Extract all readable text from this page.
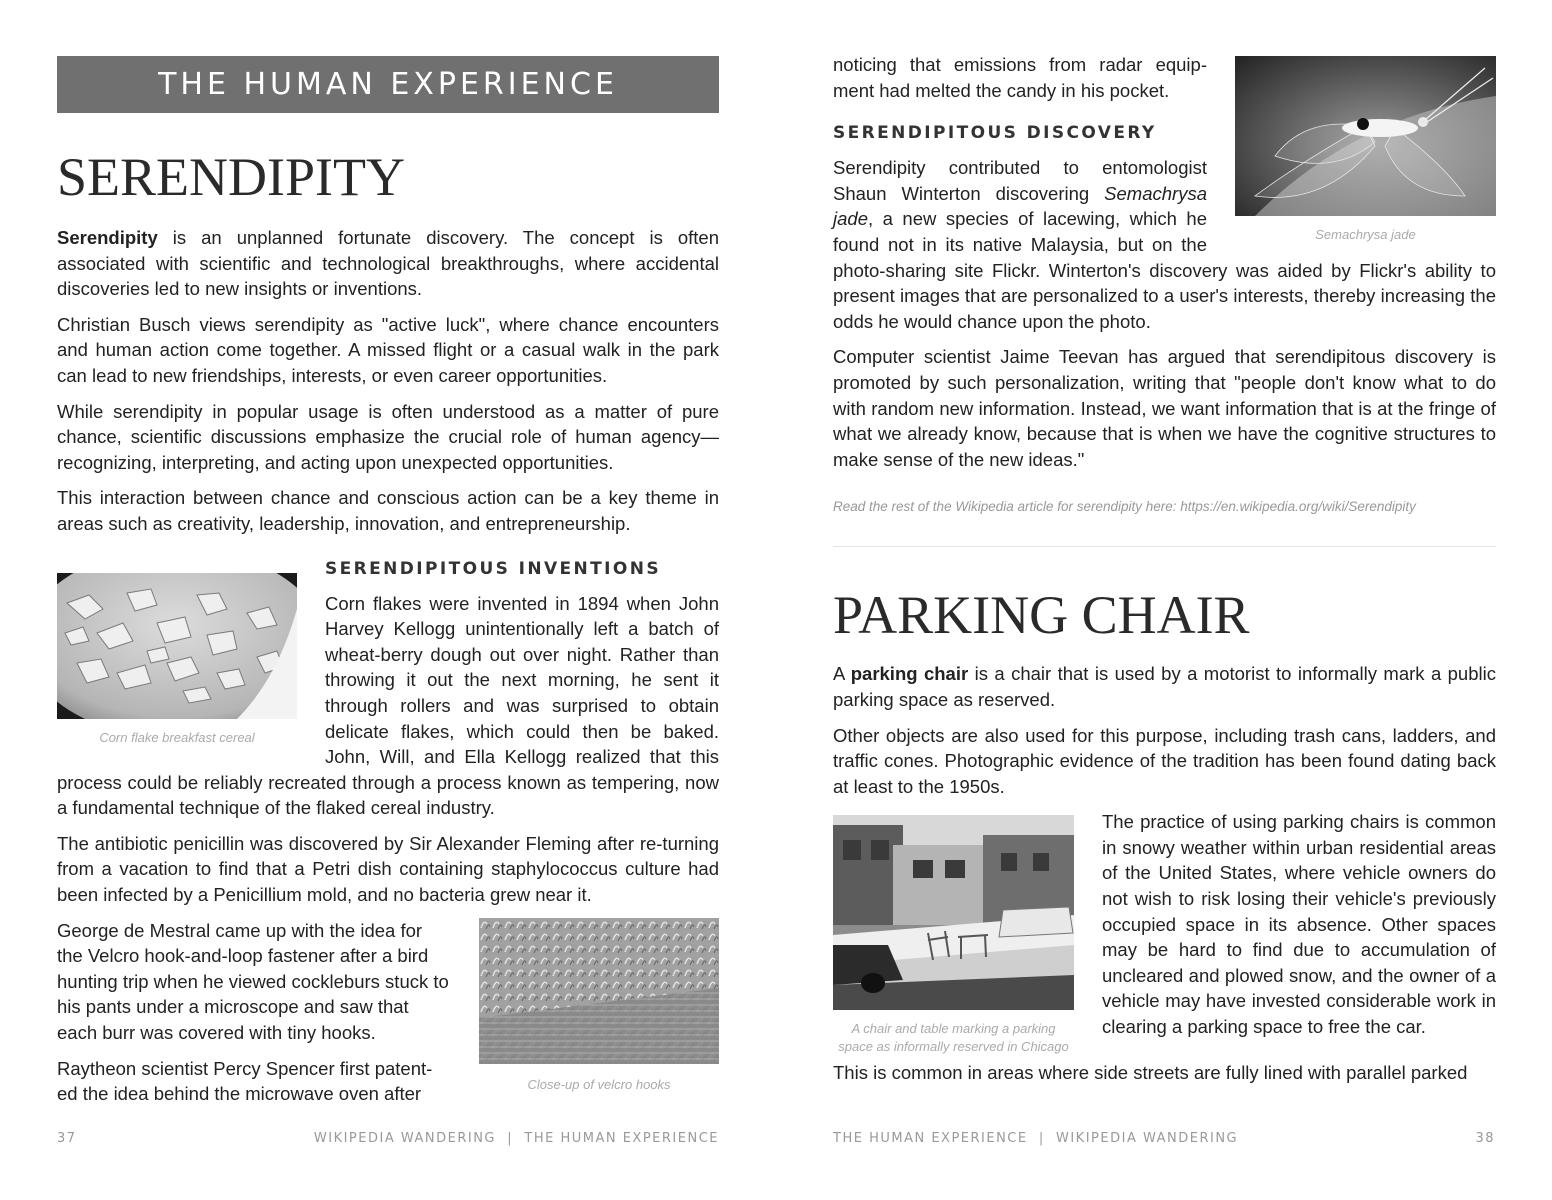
THE HUMAN EXPERIENCE
SERENDIPITY

Serendipity is an unplanned fortunate discovery. The concept is often associated with scientific and technological breakthroughs, where accidental discoveries led to new insights or inventions.

Christian Busch views serendipity as "active luck", where chance encounters and human action come together. A missed flight or a casual walk in the park can lead to new friendships, interests, or even career opportunities.

While serendipity in popular usage is often understood as a matter of pure chance, scientific discussions emphasize the crucial role of human agency—recognizing, interpreting, and acting upon unexpected opportunities.

This interaction between chance and conscious action can be a key theme in areas such as creativity, leadership, innovation, and entrepreneurship.

Corn flake breakfast cereal
SERENDIPITOUS INVENTIONS

Corn flakes were invented in 1894 when John Harvey Kellogg unintentionally left a batch of wheat-berry dough out over night. Rather than throwing it out the next morning, he sent it through rollers and was surprised to obtain delicate flakes, which could then be baked. John, Will, and Ella Kellogg realized that this process could be reliably recreated through a process known as tempering, now a fundamental technique of the flaked cereal industry.

The antibiotic penicillin was discovered by Sir Alexander Fleming after re-turning from a vacation to find that a Petri dish containing staphylococcus culture had been infected by a Penicillium mold, and no bacteria grew near it.

Close-up of velcro hooks

George de Mestral came up with the idea for the Velcro hook-and-loop fastener after a bird hunting trip when he viewed cockleburs stuck to his pants under a microscope and saw that each burr was covered with tiny hooks.

Raytheon scientist Percy Spencer first patent-ed the idea behind the microwave oven after

37	WIKIPEDIA WANDERING  |  THE HUMAN EXPERIENCE
Semachrysa jade

noticing that emissions from radar equip-ment had melted the candy in his pocket.

SERENDIPITOUS DISCOVERY

Serendipity contributed to entomologist Shaun Winterton discovering Semachrysa jade, a new species of lacewing, which he found not in its native Malaysia, but on the photo-sharing site Flickr. Winterton's discovery was aided by Flickr's ability to present images that are personalized to a user's interests, thereby increasing the odds he would chance upon the photo.

Computer scientist Jaime Teevan has argued that serendipitous discovery is promoted by such personalization, writing that "people don't know what to do with random new information. Instead, we want information that is at the fringe of what we already know, because that is when we have the cognitive structures to make sense of the new ideas."

Read the rest of the Wikipedia article for serendipity here: https://en.wikipedia.org/wiki/Serendipity

PARKING CHAIR

A parking chair is a chair that is used by a motorist to informally mark a public parking space as reserved.

Other objects are also used for this purpose, including trash cans, ladders, and traffic cones. Photographic evidence of the tradition has been found dating back at least to the 1950s.

A chair and table marking a parking space as informally reserved in Chicago

The practice of using parking chairs is common in snowy weather within urban residential areas of the United States, where vehicle owners do not wish to risk losing their vehicle's previously occupied space in its absence. Other spaces may be hard to find due to accumulation of uncleared and plowed snow, and the owner of a vehicle may have invested considerable work in clearing a parking space to free the car.

This is common in areas where side streets are fully lined with parallel parked

THE HUMAN EXPERIENCE  |  WIKIPEDIA WANDERING	38
